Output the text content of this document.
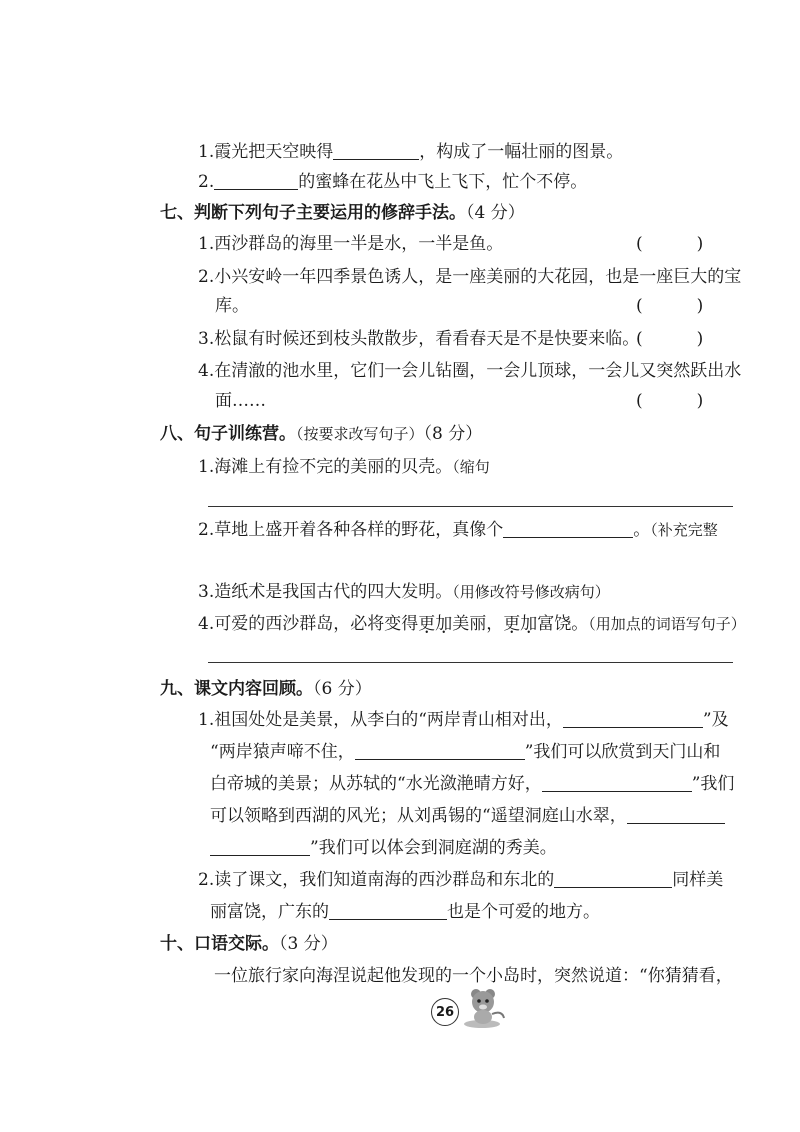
1.霞光把天空映得	，构成了一幅壮丽的图景。
2.	的蜜蜂在花丛中飞上飞下，忙个不停。
七、判断下列句子主要运用的修辞手法。（4 分）
1.西沙群岛的海里一半是水，一半是鱼。	(          )
2.小兴安岭一年四季景色诱人，是一座美丽的大花园，也是一座巨大的宝
库。	(          )
3.松鼠有时候还到枝头散散步，看看春天是不是快要来临。
(          )
4.在清澈的池水里，它们一会儿钻圈，一会儿顶球，一会儿又突然跃出水
面……	(          )
八、句子训练营。（按要求改写句子）（8 分）
1.海滩上有捡不完的美丽的贝壳。（缩句
2.草地上盛开着各种各样的野花，真像个	。（补充完整
3.造纸术是我国古代的四大发明。（用修改符号修改病句）
4.可爱的西沙群岛，必将变得更加美丽，更加富饶。（用加点的词语写句子）
九、课文内容回顾。（6 分）
1.祖国处处是美景，从李白的“两岸青山相对出，	”及
“两岸猿声啼不住，	”我们可以欣赏到天门山和
白帝城的美景；从苏轼的“水光潋滟晴方好，	”我们
可以领略到西湖的风光；从刘禹锡的“遥望洞庭山水翠，
”我们可以体会到洞庭湖的秀美。
2.读了课文，我们知道南海的西沙群岛和东北的	同样美
丽富饶，广东的	也是个可爱的地方。
十、口语交际。（3 分）
一位旅行家向海涅说起他发现的一个小岛时，突然说道：“你猜猜看，
26
